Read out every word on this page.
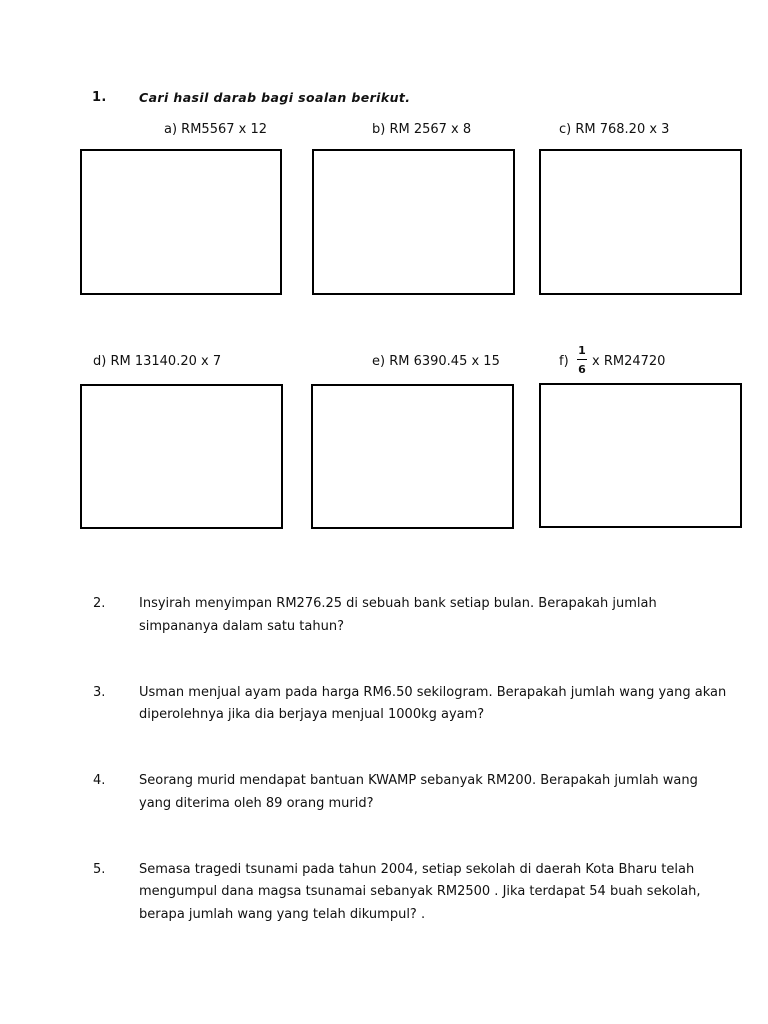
1.	Cari hasil darab bagi soalan berikut.
a) RM5567 x 12	b) RM 2567 x 8	c) RM 768.20 x 3
d) RM 13140.20 x 7	e) RM 6390.45 x 15	f)
1
6
x RM24720
2.	Insyirah menyimpan RM276.25 di sebuah bank setiap bulan. Berapakah jumlah
simpananya dalam satu tahun?
3.	Usman menjual ayam pada harga RM6.50 sekilogram. Berapakah jumlah wang yang akan
diperolehnya jika dia berjaya menjual 1000kg ayam?
4.	Seorang murid mendapat bantuan KWAMP sebanyak RM200. Berapakah jumlah wang
yang diterima oleh 89 orang murid?
5.	Semasa tragedi tsunami pada tahun 2004, setiap sekolah di daerah Kota Bharu telah
mengumpul dana magsa tsunamai sebanyak RM2500 . Jika terdapat 54 buah sekolah,
berapa jumlah wang yang telah dikumpul? .
